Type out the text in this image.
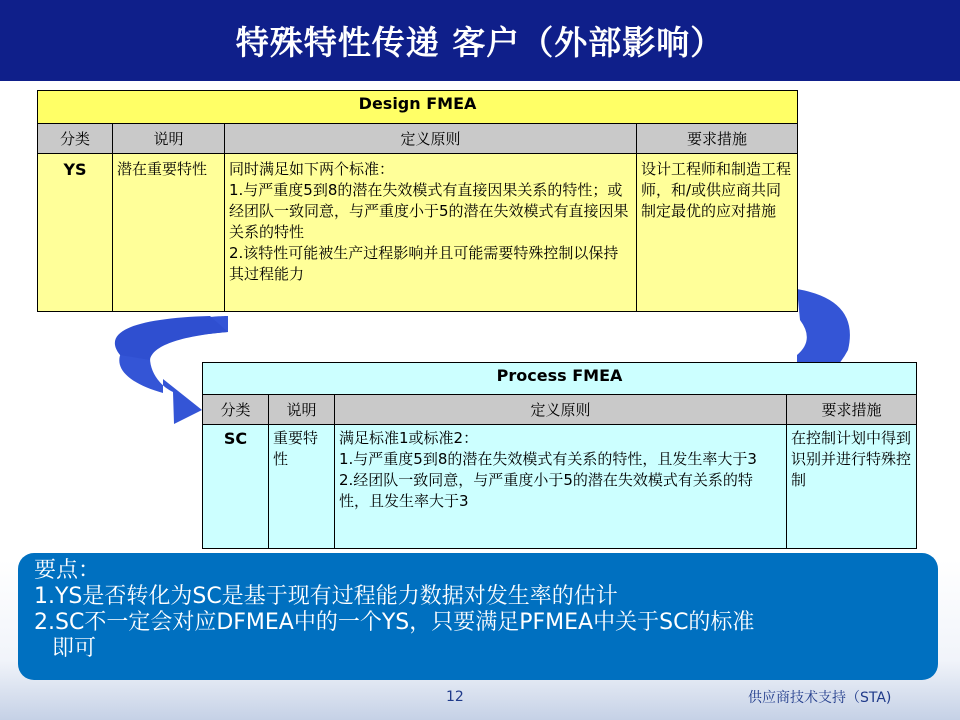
特殊特性传递 客户（外部影响）
Design FMEA			
分类	说明	定义原则	要求措施
YS	潜在重要特性	同时满足如下两个标准：
1.与严重度5到8的潜在失效模式有直接因果关系的特性；或经团队一致同意，与严重度小于5的潜在失效模式有直接因果关系的特性
2.该特性可能被生产过程影响并且可能需要特殊控制以保持其过程能力	设计工程师和制造工程师，和/或供应商共同制定最优的应对措施
Process FMEA			
分类	说明	定义原则	要求措施
SC	重要特性	满足标准1或标准2：
1.与严重度5到8的潜在失效模式有关系的特性，且发生率大于3
2.经团队一致同意，与严重度小于5的潜在失效模式有关系的特性，且发生率大于3	在控制计划中得到识别并进行特殊控制

要点：

1.YS是否转化为SC是基于现有过程能力数据对发生率的估计

2.SC不一定会对应DFMEA中的一个YS，只要满足PFMEA中关于SC的标准

即可

12	供应商技术支持（STA)
